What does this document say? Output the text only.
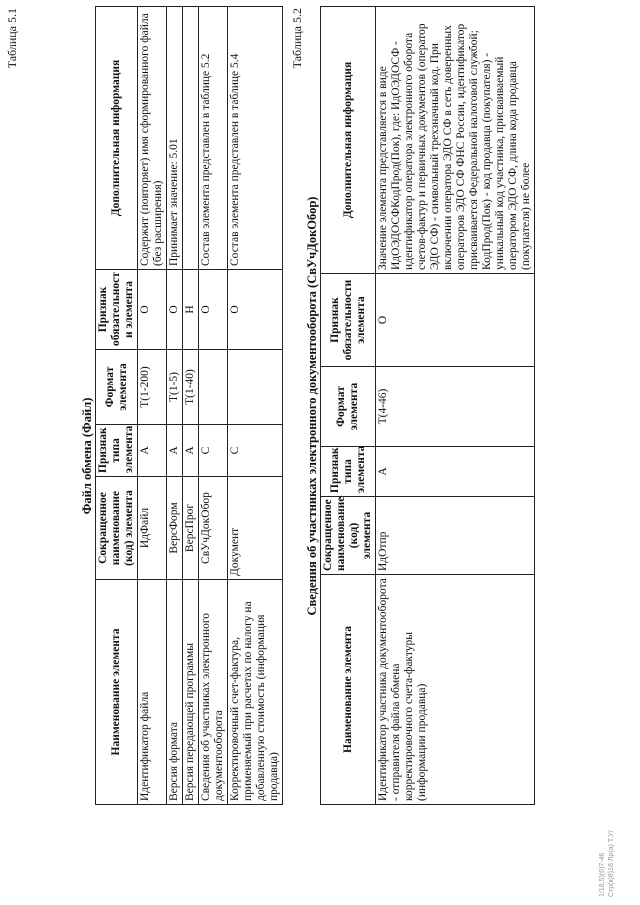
Таблица 5.1
Файл обмена (Файл)
Наименование элемента	Сокращенное наименование (код) элемента	Признак типа элемента	Формат элемента	Признак обязательност и элемента	Дополнительная информация
Идентификатор файла	ИдФайл	А	T(1-200)	О	Содержит (повторяет) имя сформированного файла (без расширения)
Версия формата	ВерсФорм	А	T(1-5)	О	Принимает значение: 5.01
Версия передающей программы	ВерсПрог	А	T(1-40)	Н	
Сведения об участниках электронного документооборота	СвУчДокОбор	С		О	Состав элемента представлен в таблице 5.2
Корректировочный счет-фактура, применяемый при расчетах по налогу на добавленную стоимость (информация продавца)	Документ	С		О	Состав элемента представлен в таблице 5.4
Таблица 5.2
Сведения об участниках электронного документооборота (СвУчДокОбор)
Наименование элемента	Сокращенное наименование (код) элемента	Признак типа элемента	Формат элемента	Признак обязательности элемента	Дополнительная информация
Идентификатор участника документооборота - отправителя файла обмена корректировочного счета-фактуры (информации продавца)	ИдОтпр	А	T(4-46)	О	Значение элемента представляется в виде ИдОЭДОСФКодПрод(Пок), где: ИдОЭДОСФ - идентификатор оператора электронного оборота счетов-фактур и первичных документов (оператор ЭДО СФ) - символьный трехзначный код. При включении оператора ЭДО СФ в сеть доверенных операторов ЭДО СФ ФНС России, идентификатор присваивается Федеральной налоговой службой; КодПрод(Пок) - код продавца (покупателя) - уникальный код участника, присваиваемый оператором ЭДО СФ, длина кода продавца (покупателя) не более
1/18,5)(6)7-46 Стр(к)8)18 Лр(а) Т.У/
